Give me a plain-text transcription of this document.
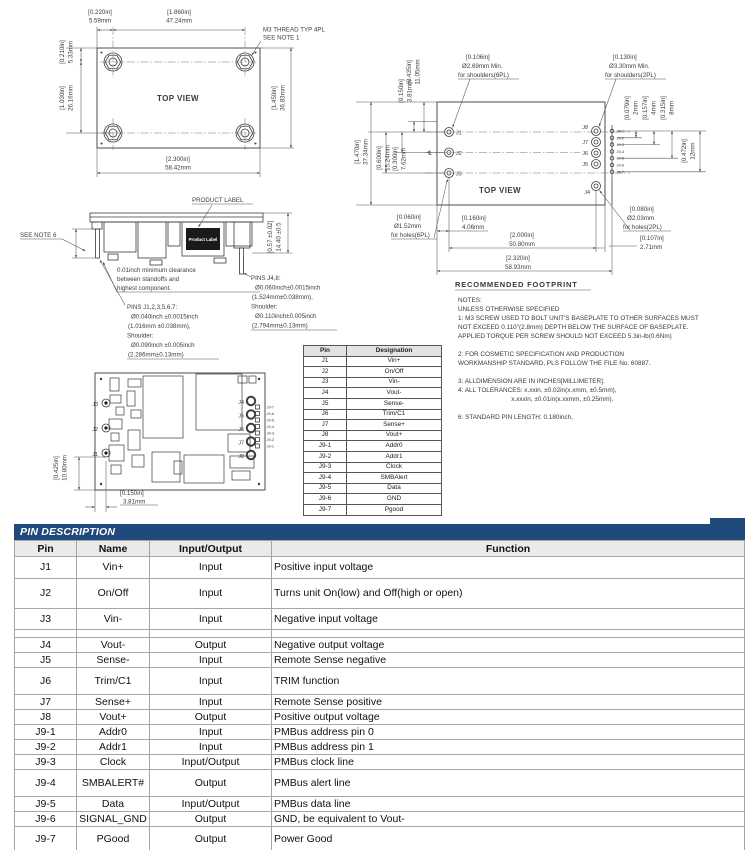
[0.220in]
5.59mm
[1.860in]
47.24mm
[0.210in] 5.33mm
[1.030in] 26.16mm	[1.450in] 36.83mm
[2.300in]
58.42mm
M3 THREAD TYP 4PL
SEE NOTE 1
TOP VIEW
J1
J2
J3
℄
J8
J7
J6
J5
J4
J9-1
J9-2
J9-3
J9-4
J9-5
J9-6
J9-7
[1.470in] 37.34mm [0.600in] 15.24mm [0.300in] 7.62mm
[0.150in] 3.81mm
[0.435in] 11.05mm
[0.079in] 2mm [0.157in] 4mm [0.315in] 8mm
[0.472in] 12mm
[0.106in]
Ø2.69mm Min.
for shoulders(6PL)
[0.130in]
Ø3.30mm Min.
for shoulders(2PL)
[0.060in]
Ø1.52mm
for holes(6PL)
[0.080in]
Ø2.03mm
for holes(2PL)
[0.160in]
4.06mm
[2.000in]
50.80mm
[2.320in]
58.93mm
[0.107in]
2.71mm
TOP VIEW
RECOMMENDED FOOTPRINT
PRODUCT LABEL
Product Label
SEE NOTE 6	[0.57 ±0.02] 14.40 ±0.5
0.01inch minimum clearance
between standoffs and
highest component.
PINS J1,2,3,5,6,7:
Ø0.040inch ±0.0015inch
(1.016mm ±0.038mm),
Shoulder:
Ø0.090inch ±0.005inch
(2.286mm±0.13mm)
PINS J4,8:
Ø0.060inch±0.0015inch
(1.524mm±0.038mm),
Shoulder:
Ø0.110inch±0.005inch
(2.794mm±0.13mm)
J3
J2
J1
J4
J5
J6
J7
J8
J9-7
J9-6
J9-5
J9-4
J9-3
J9-2
J9-1
[0.425in] 10.80mm
[0.150in]
3.81mm
NOTES:
UNLESS OTHERWISE SPECIFIED
1: M3 SCREW USED TO BOLT UNIT'S BASEPLATE TO OTHER SURFACES MUST
NOT EXCEED 0.110"(2.8mm) DEPTH BELOW THE SURFACE OF BASEPLATE.
APPLIED TORQUE PER SCREW SHOULD NOT EXCEED 5.3in-lb(0.6Nm)

2: FOR COSMETIC SPECIFICATION AND PRODUCTION
WORKMANSHIP STANDARD, PLS FOLLOW THE FILE No. 60887.

3: ALLDIMENSION ARE IN INCHES[MILLIMETER].
4: ALL TOLERANCES: x.xxin, ±0.02in(x.xmm, ±0.5mm),
x.xxxin, ±0.01in(x.xxmm, ±0.25mm).

6: STANDARD PIN LENGTH: 0.180inch,
Pin	Designation
J1	Vin+
J2	On/Off
J3	Vin-
J4	Vout-
J5	Sense-
J6	Trim/C1
J7	Sense+
J8	Vout+
J9-1	Addr0
J9-2	Addr1
J9-3	Clock
J9-4	SMBAlert
J9-5	Data
J9-6	GND
J9-7	Pgood
PIN DESCRIPTION
Pin	Name	Input/Output	Function
J1	Vin+	Input	Positive input voltage
J2	On/Off	Input	Turns unit On(low) and Off(high or open)
J3	Vin-	Input	Negative input voltage

J4	Vout-	Output	Negative output voltage
J5	Sense-	Input	Remote Sense negative
J6	Trim/C1	Input	TRIM function
J7	Sense+	Input	Remote Sense positive
J8	Vout+	Output	Positive output voltage
J9-1	Addr0	Input	PMBus address pin 0
J9-2	Addr1	Input	PMBus address pin 1
J9-3	Clock	Input/Output	PMBus clock line
J9-4	SMBALERT#	Output	PMBus alert line
J9-5	Data	Input/Output	PMBus data line
J9-6	SIGNAL_GND	Output	GND, be equivalent to Vout-
J9-7	PGood	Output	Power Good
